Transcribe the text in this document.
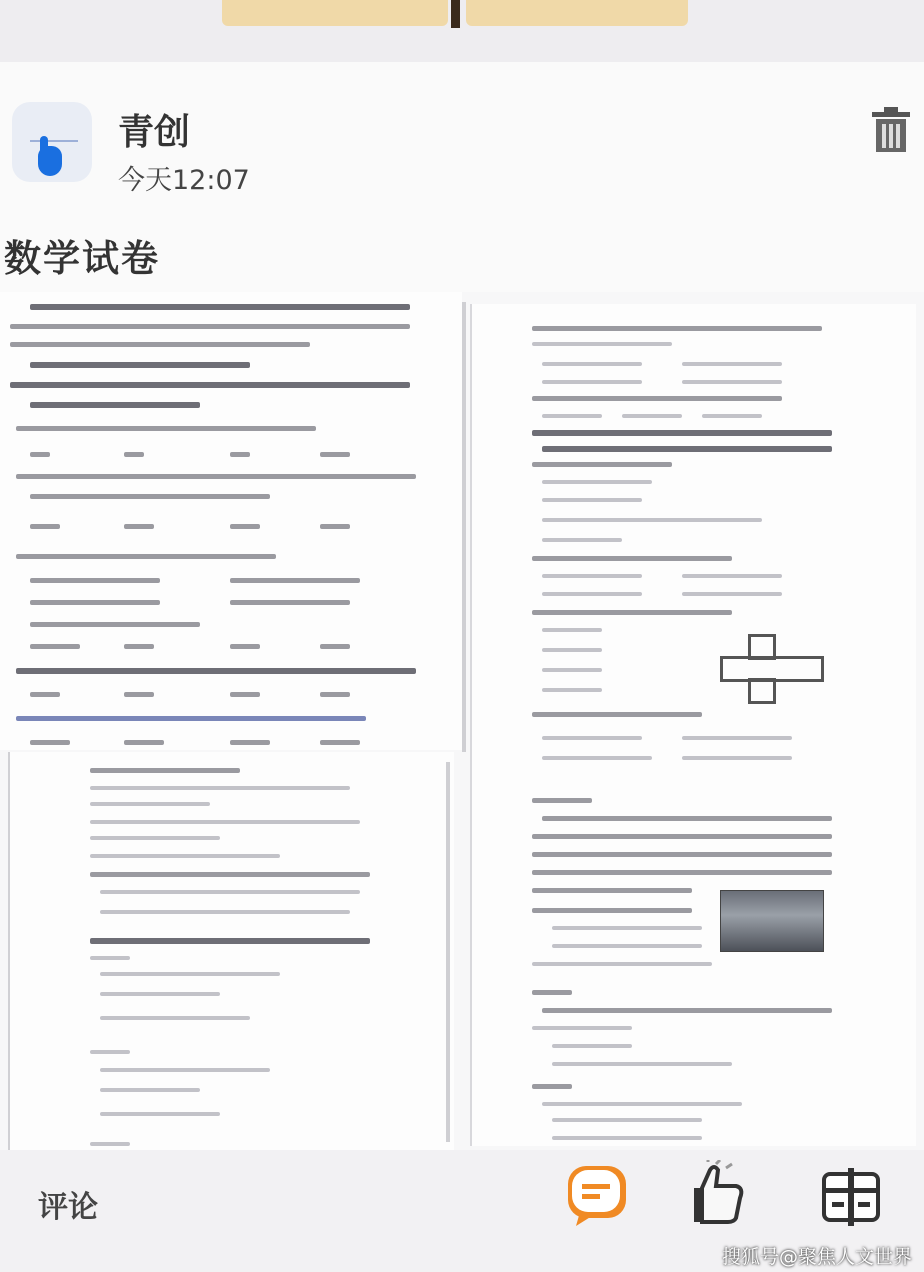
青创
今天12:07
数学试卷
评论
搜狐号@聚焦人文世界
